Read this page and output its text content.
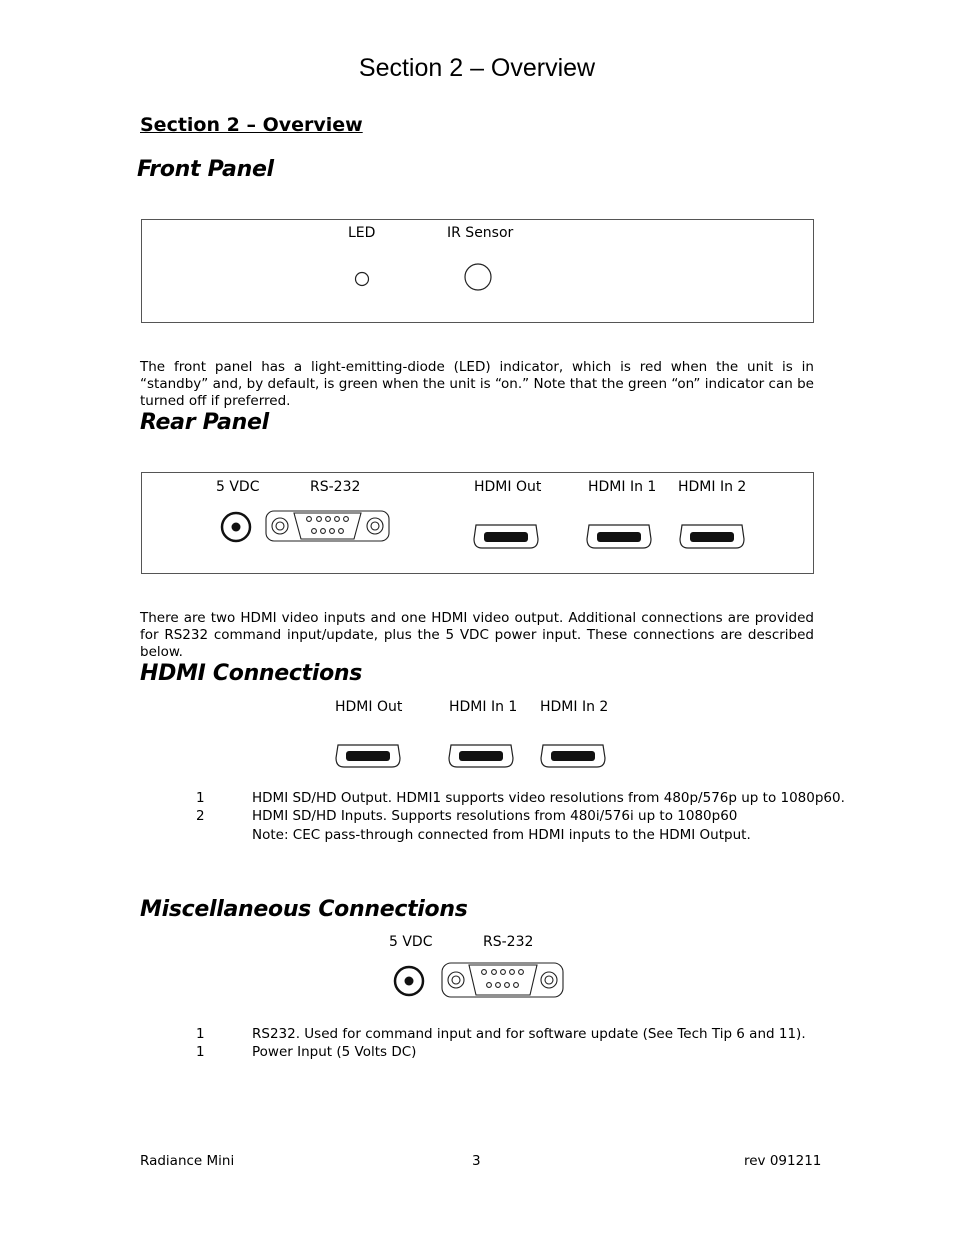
Section 2 – Overview
Section 2 – Overview
Front Panel
LED	IR Sensor
The front panel has a light-emitting-diode (LED) indicator, which is red when the unit is in “standby” and, by default, is green when the unit is “on.” Note that the green “on” indicator can be turned off if preferred.
Rear Panel
5 VDC	RS-232	HDMI Out	HDMI In 1 HDMI In 2
There are two HDMI video inputs and one HDMI video output. Additional connections are provided for RS232 command input/update, plus the 5 VDC power input. These connections are described below.
HDMI Connections
HDMI Out	HDMI In 1 HDMI In 2
1	HDMI SD/HD Output. HDMI1 supports video resolutions from 480p/576p up to 1080p60.
2	HDMI SD/HD Inputs. Supports resolutions from 480i/576i up to 1080p60
Note: CEC pass-through connected from HDMI inputs to the HDMI Output.
Miscellaneous Connections
5 VDC	RS-232
1	RS232. Used for command input and for software update (See Tech Tip 6 and 11).
1	Power Input (5 Volts DC)
Radiance Mini	3	rev 091211
